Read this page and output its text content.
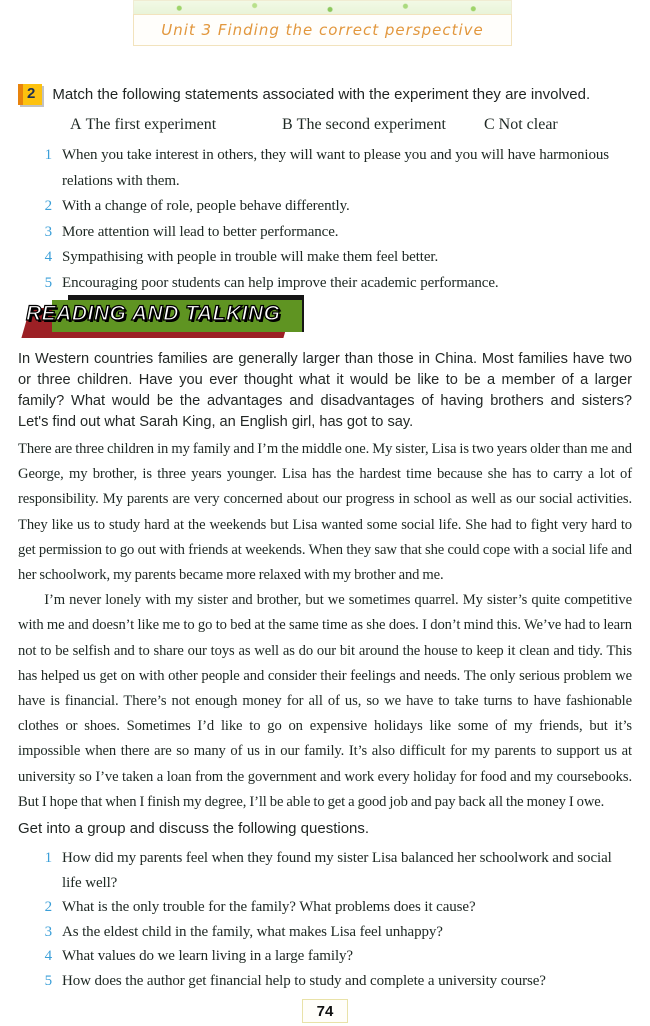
Unit 3 Finding the correct perspective
2	Match the following statements associated with the experiment they are involved.
A The first experiment	B The second experiment	C Not clear
1 When you take interest in others, they will want to please you and you will have harmonious relations with them.
2 With a change of role, people behave differently.
3 More attention will lead to better performance.
4 Sympathising with people in trouble will make them feel better.
5 Encouraging poor students can help improve their academic performance.
READING AND TALKING

In Western countries families are generally larger than those in China. Most families have two or three children. Have you ever thought what it would be like to be a member of a larger family? What would be the advantages and disadvantages of having brothers and sisters? Let's find out what Sarah King, an English girl, has got to say.

There are three children in my family and I’m the middle one. My sister, Lisa is two years older than me and George, my brother, is three years younger. Lisa has the hardest time because she has to carry a lot of responsibility. My parents are very concerned about our progress in school as well as our social activities. They like us to study hard at the weekends but Lisa wanted some social life. She had to fight very hard to get permission to go out with friends at weekends. When they saw that she could cope with a social life and her schoolwork, my parents became more relaxed with my brother and me.

I’m never lonely with my sister and brother, but we sometimes quarrel. My sister’s quite competitive with me and doesn’t like me to go to bed at the same time as she does. I don’t mind this. We’ve had to learn not to be selfish and to share our toys as well as do our bit around the house to keep it clean and tidy. This has helped us get on with other people and consider their feelings and needs. The only serious problem we have is financial. There’s not enough money for all of us, so we have to take turns to have fashionable clothes or shoes. Sometimes I’d like to go on expensive holidays like some of my friends, but it’s impossible when there are so many of us in our family. It’s also difficult for my parents to support us at university so I’ve taken a loan from the government and work every holiday for food and my coursebooks. But I hope that when I finish my degree, I’ll be able to get a good job and pay back all the money I owe.

Get into a group and discuss the following questions.

1 How did my parents feel when they found my sister Lisa balanced her schoolwork and social life well?
2 What is the only trouble for the family? What problems does it cause?
3 As the eldest child in the family, what makes Lisa feel unhappy?
4 What values do we learn living in a large family?
5 How does the author get financial help to study and complete a university course?
74
